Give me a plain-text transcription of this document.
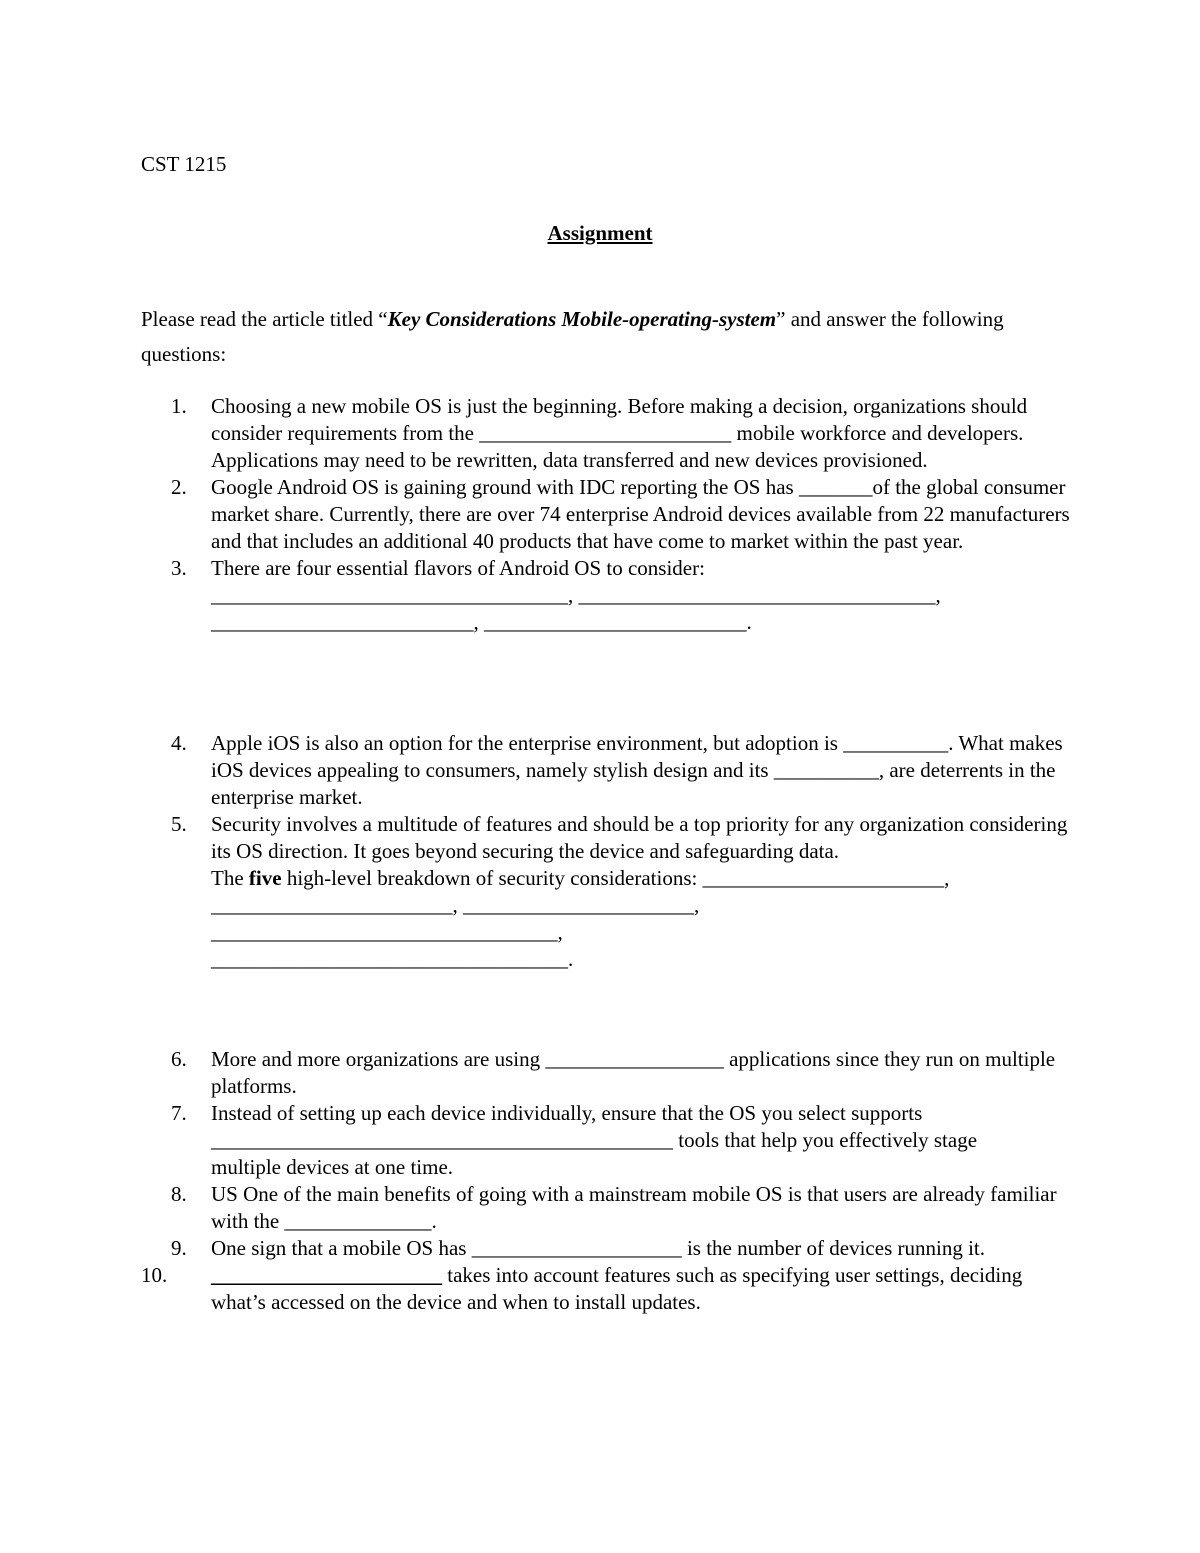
CST 1215
Assignment
Please read the article titled “Key Considerations Mobile-operating-system” and answer the following questions:
1. Choosing a new mobile OS is just the beginning. Before making a decision, organizations should consider requirements from the ________________________ mobile workforce and developers. Applications may need to be rewritten, data transferred and new devices provisioned.
2. Google Android OS is gaining ground with IDC reporting the OS has _______of the global consumer market share. Currently, there are over 74 enterprise Android devices available from 22 manufacturers and that includes an additional 40 products that have come to market within the past year.
3. There are four essential flavors of Android OS to consider:
__________________________________, __________________________________,
_________________________, _________________________.
4. Apple iOS is also an option for the enterprise environment, but adoption is __________. What makes iOS devices appealing to consumers, namely stylish design and its __________, are deterrents in the enterprise market.
5. Security involves a multitude of features and should be a top priority for any organization considering its OS direction. It goes beyond securing the device and safeguarding data.
The five high-level breakdown of security considerations: _______________________,
_______________________, ______________________,
_________________________________,
__________________________________.
6. More and more organizations are using _________________ applications since they run on multiple platforms.
7. Instead of setting up each device individually, ensure that the OS you select supports
____________________________________________ tools that help you effectively stage
multiple devices at one time.
8. US One of the main benefits of going with a mainstream mobile OS is that users are already familiar with the ______________.
9. One sign that a mobile OS has ____________________ is the number of devices running it.
10. ______________________ takes into account features such as specifying user settings, deciding what’s accessed on the device and when to install updates.
